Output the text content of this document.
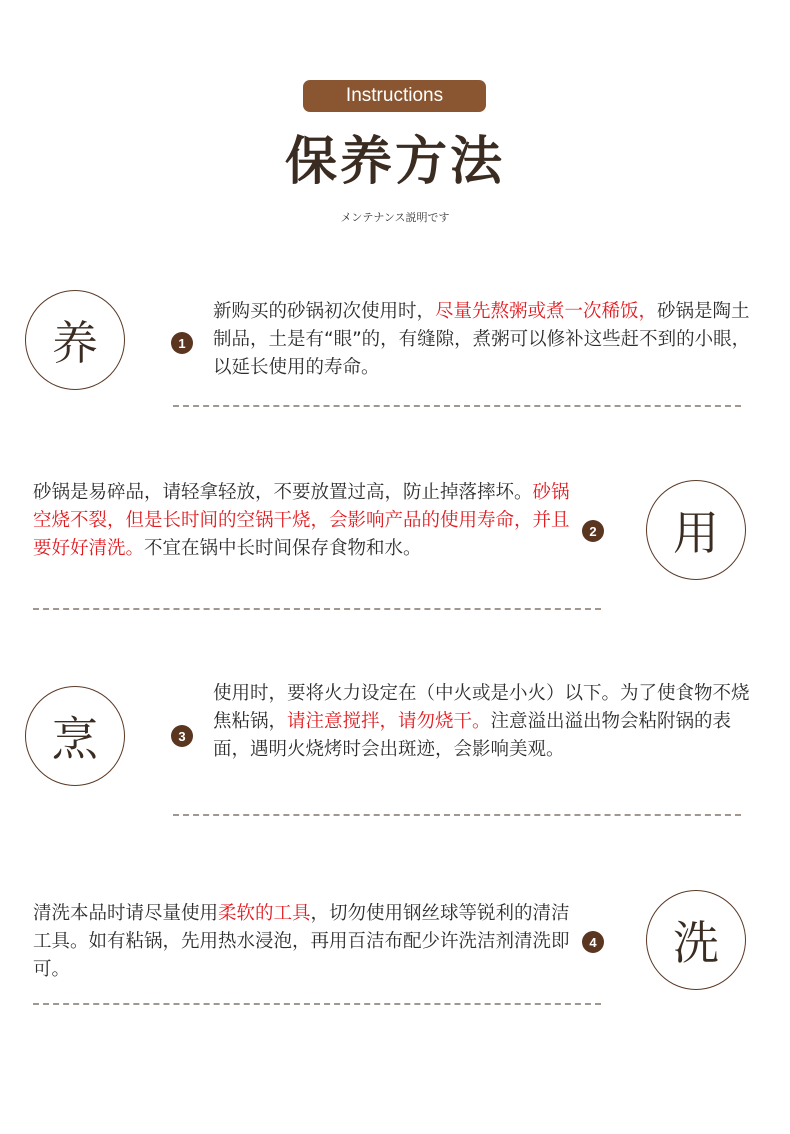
Instructions
保养方法
メンテナンス説明です
养	1
新购买的砂锅初次使用时，尽量先熬粥或煮一次稀饭，砂锅是陶土制品，土是有“眼”的，有缝隙，煮粥可以修补这些赶不到的小眼，以延长使用的寿命。
砂锅是易碎品，请轻拿轻放，不要放置过高，防止掉落摔坏。砂锅空烧不裂，但是长时间的空锅干烧，会影响产品的使用寿命，并且要好好清洗。不宜在锅中长时间保存食物和水。
2	用
烹	3
使用时，要将火力设定在（中火或是小火）以下。为了使食物不烧焦粘锅，请注意搅拌，请勿烧干。注意溢出溢出物会粘附锅的表面，遇明火烧烤时会出斑迹，会影响美观。
清洗本品时请尽量使用柔软的工具，切勿使用钢丝球等锐利的清洁工具。如有粘锅，先用热水浸泡，再用百洁布配少许洗洁剂清洗即可。
4	洗
